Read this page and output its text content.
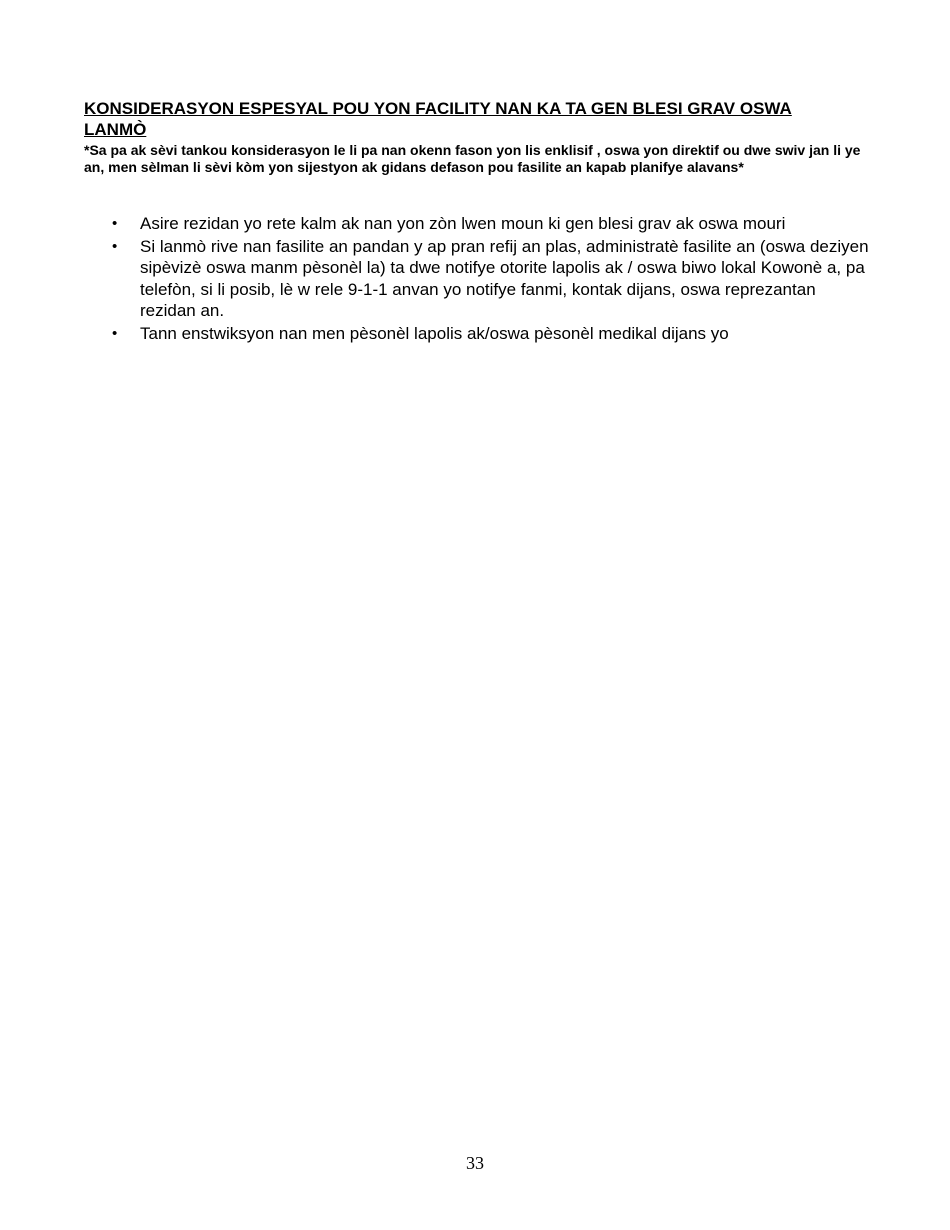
KONSIDERASYON ESPESYAL POU YON FACILITY NAN KA TA GEN BLESI GRAV OSWA LANMÒ

*Sa pa ak sèvi tankou konsiderasyon le li pa nan okenn fason yon lis enklisif , oswa yon direktif ou dwe swiv jan li ye an, men sèlman li sèvi kòm yon sijestyon ak gidans defason pou fasilite an kapab planifye alavans*

• Asire rezidan yo rete kalm ak nan yon zòn lwen moun ki gen blesi grav ak oswa mouri
• Si lanmò rive nan fasilite an pandan y ap pran refij an plas, administratè fasilite an (oswa deziyen sipèvizè oswa manm pèsonèl la) ta dwe notifye otorite lapolis ak / oswa biwo lokal Kowonè a, pa telefòn, si li posib, lè w rele 9-1-1 anvan yo notifye fanmi, kontak dijans, oswa reprezantan rezidan an.
• Tann enstwiksyon nan men pèsonèl lapolis ak/oswa pèsonèl medikal dijans yo
33
